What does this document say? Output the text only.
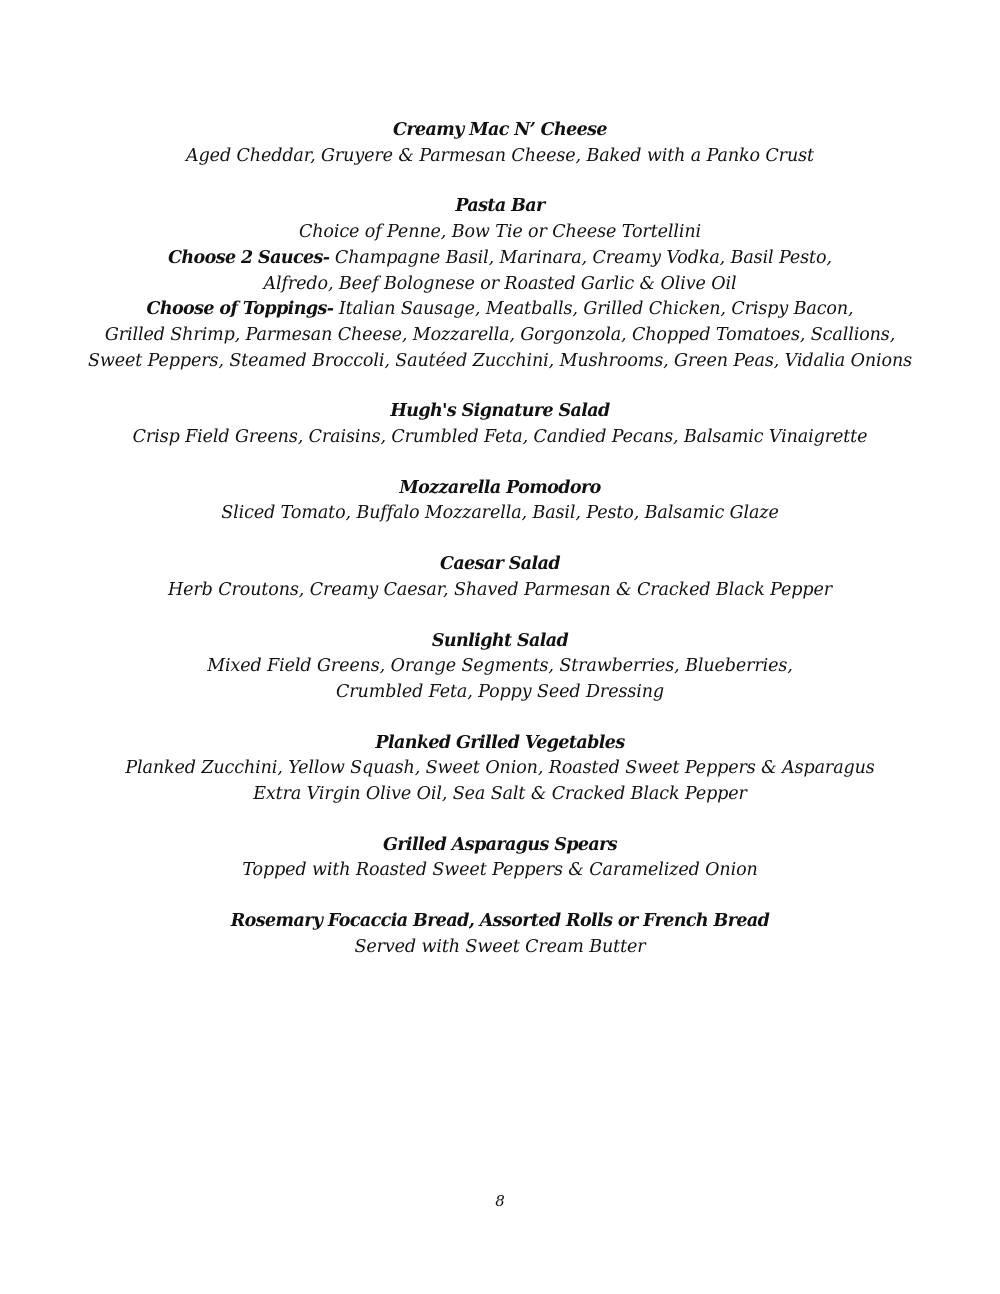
Creamy Mac N’ Cheese
Aged Cheddar, Gruyere & Parmesan Cheese, Baked with a Panko Crust
Pasta Bar
Choice of Penne, Bow Tie or Cheese Tortellini
Choose 2 Sauces- Champagne Basil, Marinara, Creamy Vodka, Basil Pesto,
Alfredo, Beef Bolognese or Roasted Garlic & Olive Oil
Choose of Toppings- Italian Sausage, Meatballs, Grilled Chicken, Crispy Bacon,
Grilled Shrimp, Parmesan Cheese, Mozzarella, Gorgonzola, Chopped Tomatoes, Scallions,
Sweet Peppers, Steamed Broccoli, Sautéed Zucchini, Mushrooms, Green Peas, Vidalia Onions
Hugh's Signature Salad
Crisp Field Greens, Craisins, Crumbled Feta, Candied Pecans, Balsamic Vinaigrette
Mozzarella Pomodoro
Sliced Tomato, Buffalo Mozzarella, Basil, Pesto, Balsamic Glaze
Caesar Salad
Herb Croutons, Creamy Caesar, Shaved Parmesan & Cracked Black Pepper
Sunlight Salad
Mixed Field Greens, Orange Segments, Strawberries, Blueberries,
Crumbled Feta, Poppy Seed Dressing
Planked Grilled Vegetables
Planked Zucchini, Yellow Squash, Sweet Onion, Roasted Sweet Peppers & Asparagus
Extra Virgin Olive Oil, Sea Salt & Cracked Black Pepper
Grilled Asparagus Spears
Topped with Roasted Sweet Peppers & Caramelized Onion
Rosemary Focaccia Bread, Assorted Rolls or French Bread
Served with Sweet Cream Butter
8
